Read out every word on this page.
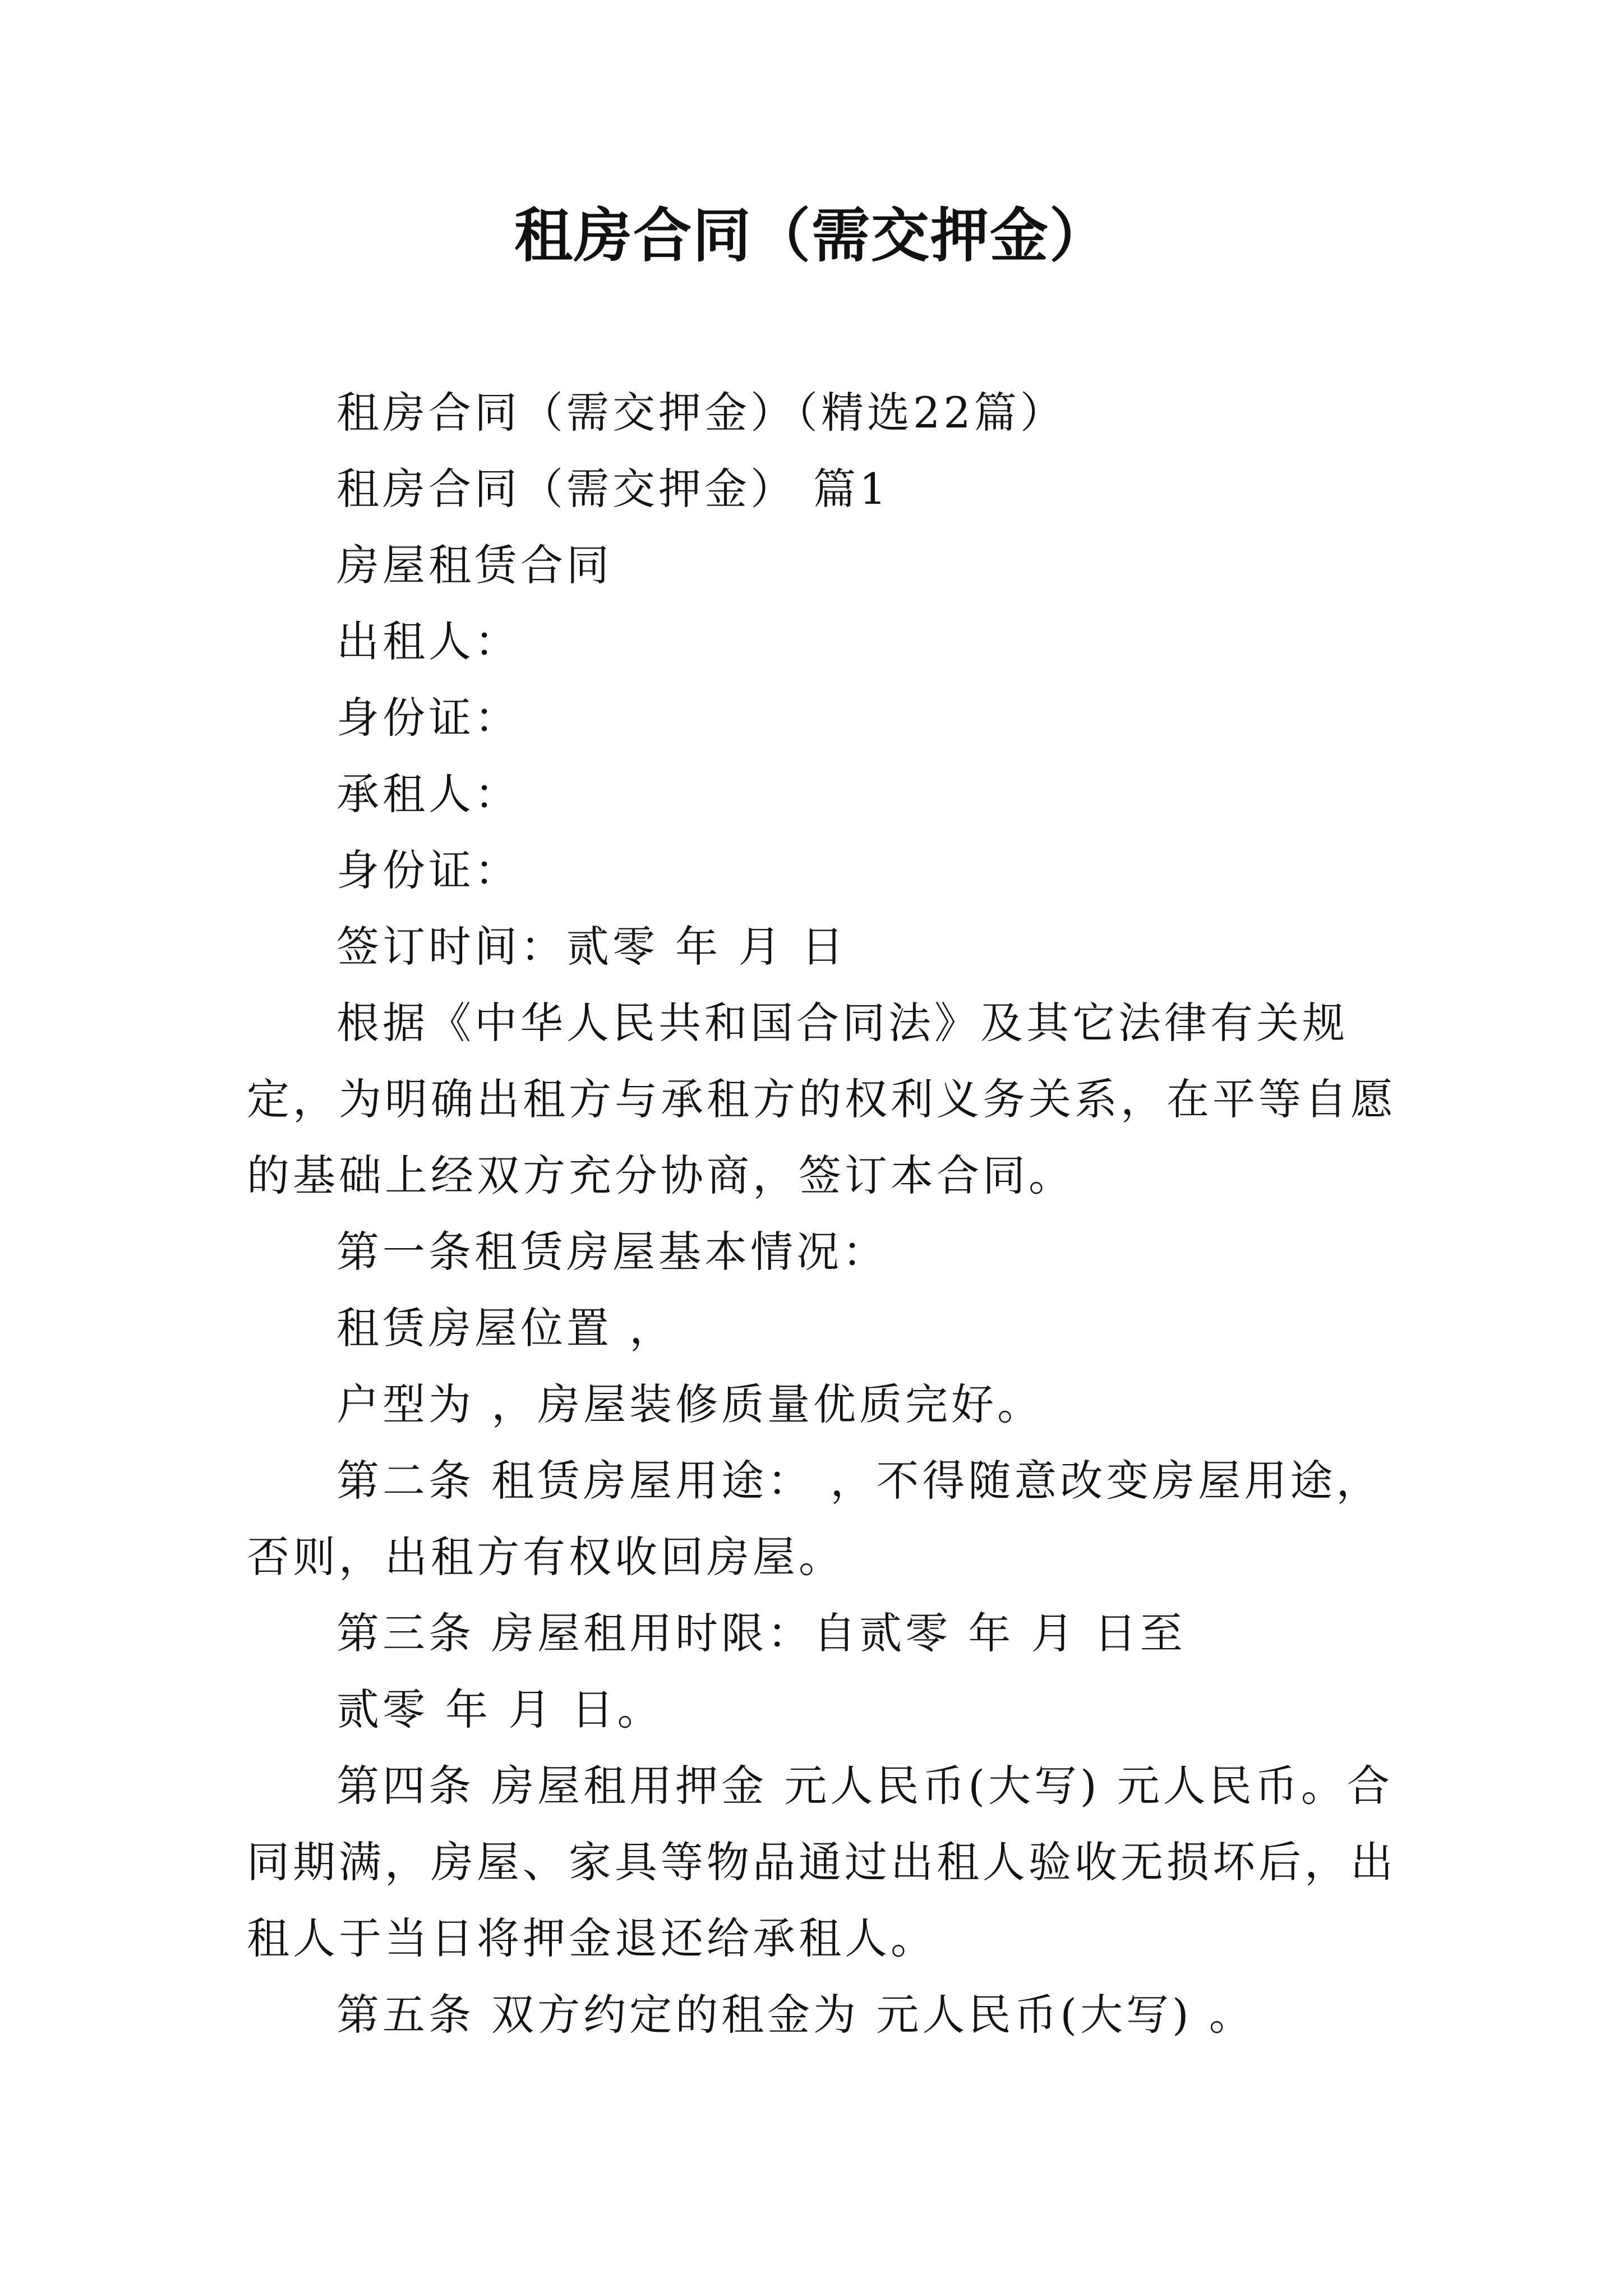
租房合同（需交押金）

租房合同（需交押金）（精选22篇）

租房合同（需交押金） 篇1

房屋租赁合同

出租人：

身份证：

承租人：

身份证：

签订时间：贰零 年 月 日

根据《中华人民共和国合同法》及其它法律有关规定，为明确出租方与承租方的权利义务关系，在平等自愿的基础上经双方充分协商，签订本合同。

第一条租赁房屋基本情况：

租赁房屋位置 ，

户型为 ，房屋装修质量优质完好。

第二条 租赁房屋用途： ，不得随意改变房屋用途，否则，出租方有权收回房屋。

第三条 房屋租用时限：自贰零 年 月 日至

贰零 年 月 日。

第四条 房屋租用押金 元人民币(大写) 元人民币。合同期满，房屋、家具等物品通过出租人验收无损坏后，出租人于当日将押金退还给承租人。

第五条 双方约定的租金为 元人民币(大写) 。
